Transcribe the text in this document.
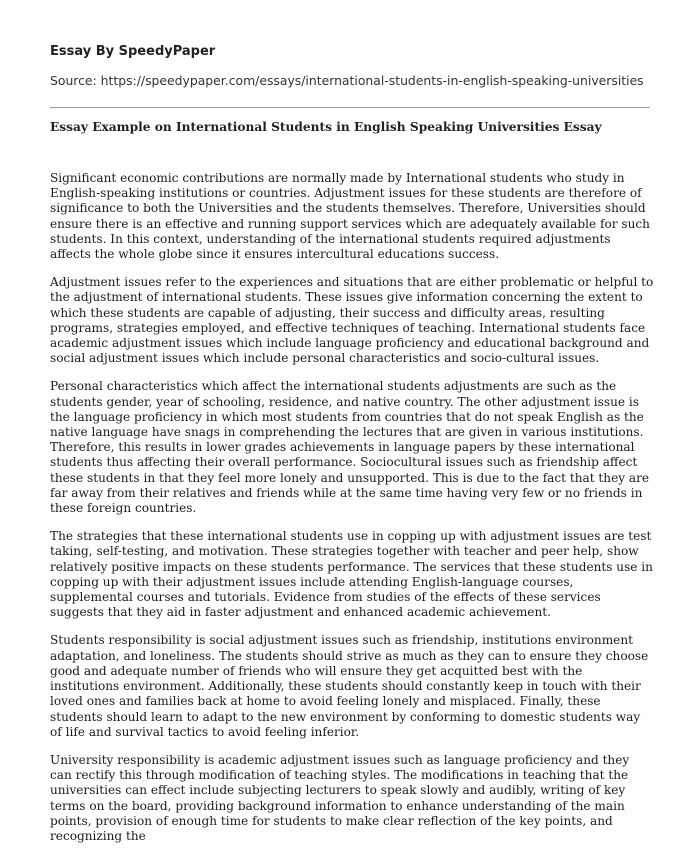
Essay By SpeedyPaper
Source: https://speedypaper.com/essays/international-students-in-english-speaking-universities
Essay Example on International Students in English Speaking Universities Essay

Significant economic contributions are normally made by International students who study in English-speaking institutions or countries. Adjustment issues for these students are therefore of significance to both the Universities and the students themselves. Therefore, Universities should ensure there is an effective and running support services which are adequately available for such students. In this context, understanding of the international students required adjustments affects the whole globe since it ensures intercultural educations success.

Adjustment issues refer to the experiences and situations that are either problematic or helpful to the adjustment of international students. These issues give information concerning the extent to which these students are capable of adjusting, their success and difficulty areas, resulting programs, strategies employed, and effective techniques of teaching. International students face academic adjustment issues which include language proficiency and educational background and social adjustment issues which include personal characteristics and socio-cultural issues.

Personal characteristics which affect the international students adjustments are such as the students gender, year of schooling, residence, and native country. The other adjustment issue is the language proficiency in which most students from countries that do not speak English as the native language have snags in comprehending the lectures that are given in various institutions. Therefore, this results in lower grades achievements in language papers by these international students thus affecting their overall performance. Sociocultural issues such as friendship affect these students in that they feel more lonely and unsupported. This is due to the fact that they are far away from their relatives and friends while at the same time having very few or no friends in these foreign countries.

The strategies that these international students use in copping up with adjustment issues are test taking, self-testing, and motivation. These strategies together with teacher and peer help, show relatively positive impacts on these students performance. The services that these students use in copping up with their adjustment issues include attending English-language courses, supplemental courses and tutorials. Evidence from studies of the effects of these services suggests that they aid in faster adjustment and enhanced academic achievement.

Students responsibility is social adjustment issues such as friendship, institutions environment adaptation, and loneliness. The students should strive as much as they can to ensure they choose good and adequate number of friends who will ensure they get acquitted best with the institutions environment. Additionally, these students should constantly keep in touch with their loved ones and families back at home to avoid feeling lonely and misplaced. Finally, these students should learn to adapt to the new environment by conforming to domestic students way of life and survival tactics to avoid feeling inferior.

University responsibility is academic adjustment issues such as language proficiency and they can rectify this through modification of teaching styles. The modifications in teaching that the universities can effect include subjecting lecturers to speak slowly and audibly, writing of key terms on the board, providing background information to enhance understanding of the main points, provision of enough time for students to make clear reflection of the key points, and recognizing the
